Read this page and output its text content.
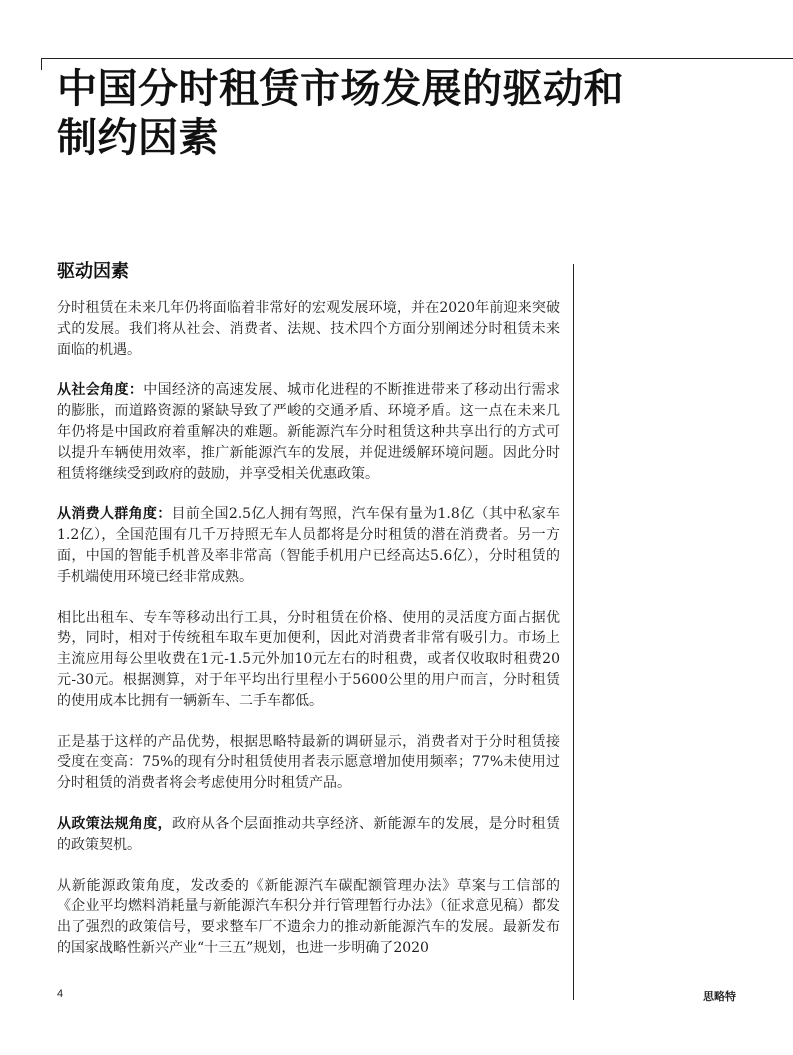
中国分时租赁市场发展的驱动和制约因素
驱动因素

分时租赁在未来几年仍将面临着非常好的宏观发展环境，并在2020年前迎来突破式的发展。我们将从社会、消费者、法规、技术四个方面分别阐述分时租赁未来面临的机遇。

从社会角度：中国经济的高速发展、城市化进程的不断推进带来了移动出行需求的膨胀，而道路资源的紧缺导致了严峻的交通矛盾、环境矛盾。这一点在未来几年仍将是中国政府着重解决的难题。新能源汽车分时租赁这种共享出行的方式可以提升车辆使用效率，推广新能源汽车的发展，并促进缓解环境问题。因此分时租赁将继续受到政府的鼓励，并享受相关优惠政策。

从消费人群角度：目前全国2.5亿人拥有驾照，汽车保有量为1.8亿（其中私家车1.2亿），全国范围有几千万持照无车人员都将是分时租赁的潜在消费者。另一方面，中国的智能手机普及率非常高（智能手机用户已经高达5.6亿），分时租赁的手机端使用环境已经非常成熟。

相比出租车、专车等移动出行工具，分时租赁在价格、使用的灵活度方面占据优势，同时，相对于传统租车取车更加便利，因此对消费者非常有吸引力。市场上主流应用每公里收费在1元-1.5元外加10元左右的时租费，或者仅收取时租费20元-30元。根据测算，对于年平均出行里程小于5600公里的用户而言，分时租赁的使用成本比拥有一辆新车、二手车都低。

正是基于这样的产品优势，根据思略特最新的调研显示，消费者对于分时租赁接受度在变高：75%的现有分时租赁使用者表示愿意增加使用频率；77%未使用过分时租赁的消费者将会考虑使用分时租赁产品。

从政策法规角度，政府从各个层面推动共享经济、新能源车的发展，是分时租赁的政策契机。

从新能源政策角度，发改委的《新能源汽车碳配额管理办法》草案与工信部的《企业平均燃料消耗量与新能源汽车积分并行管理暂行办法》（征求意见稿）都发出了强烈的政策信号，要求整车厂不遗余力的推动新能源汽车的发展。最新发布的国家战略性新兴产业“十三五”规划，也进一步明确了2020

4	思略特
